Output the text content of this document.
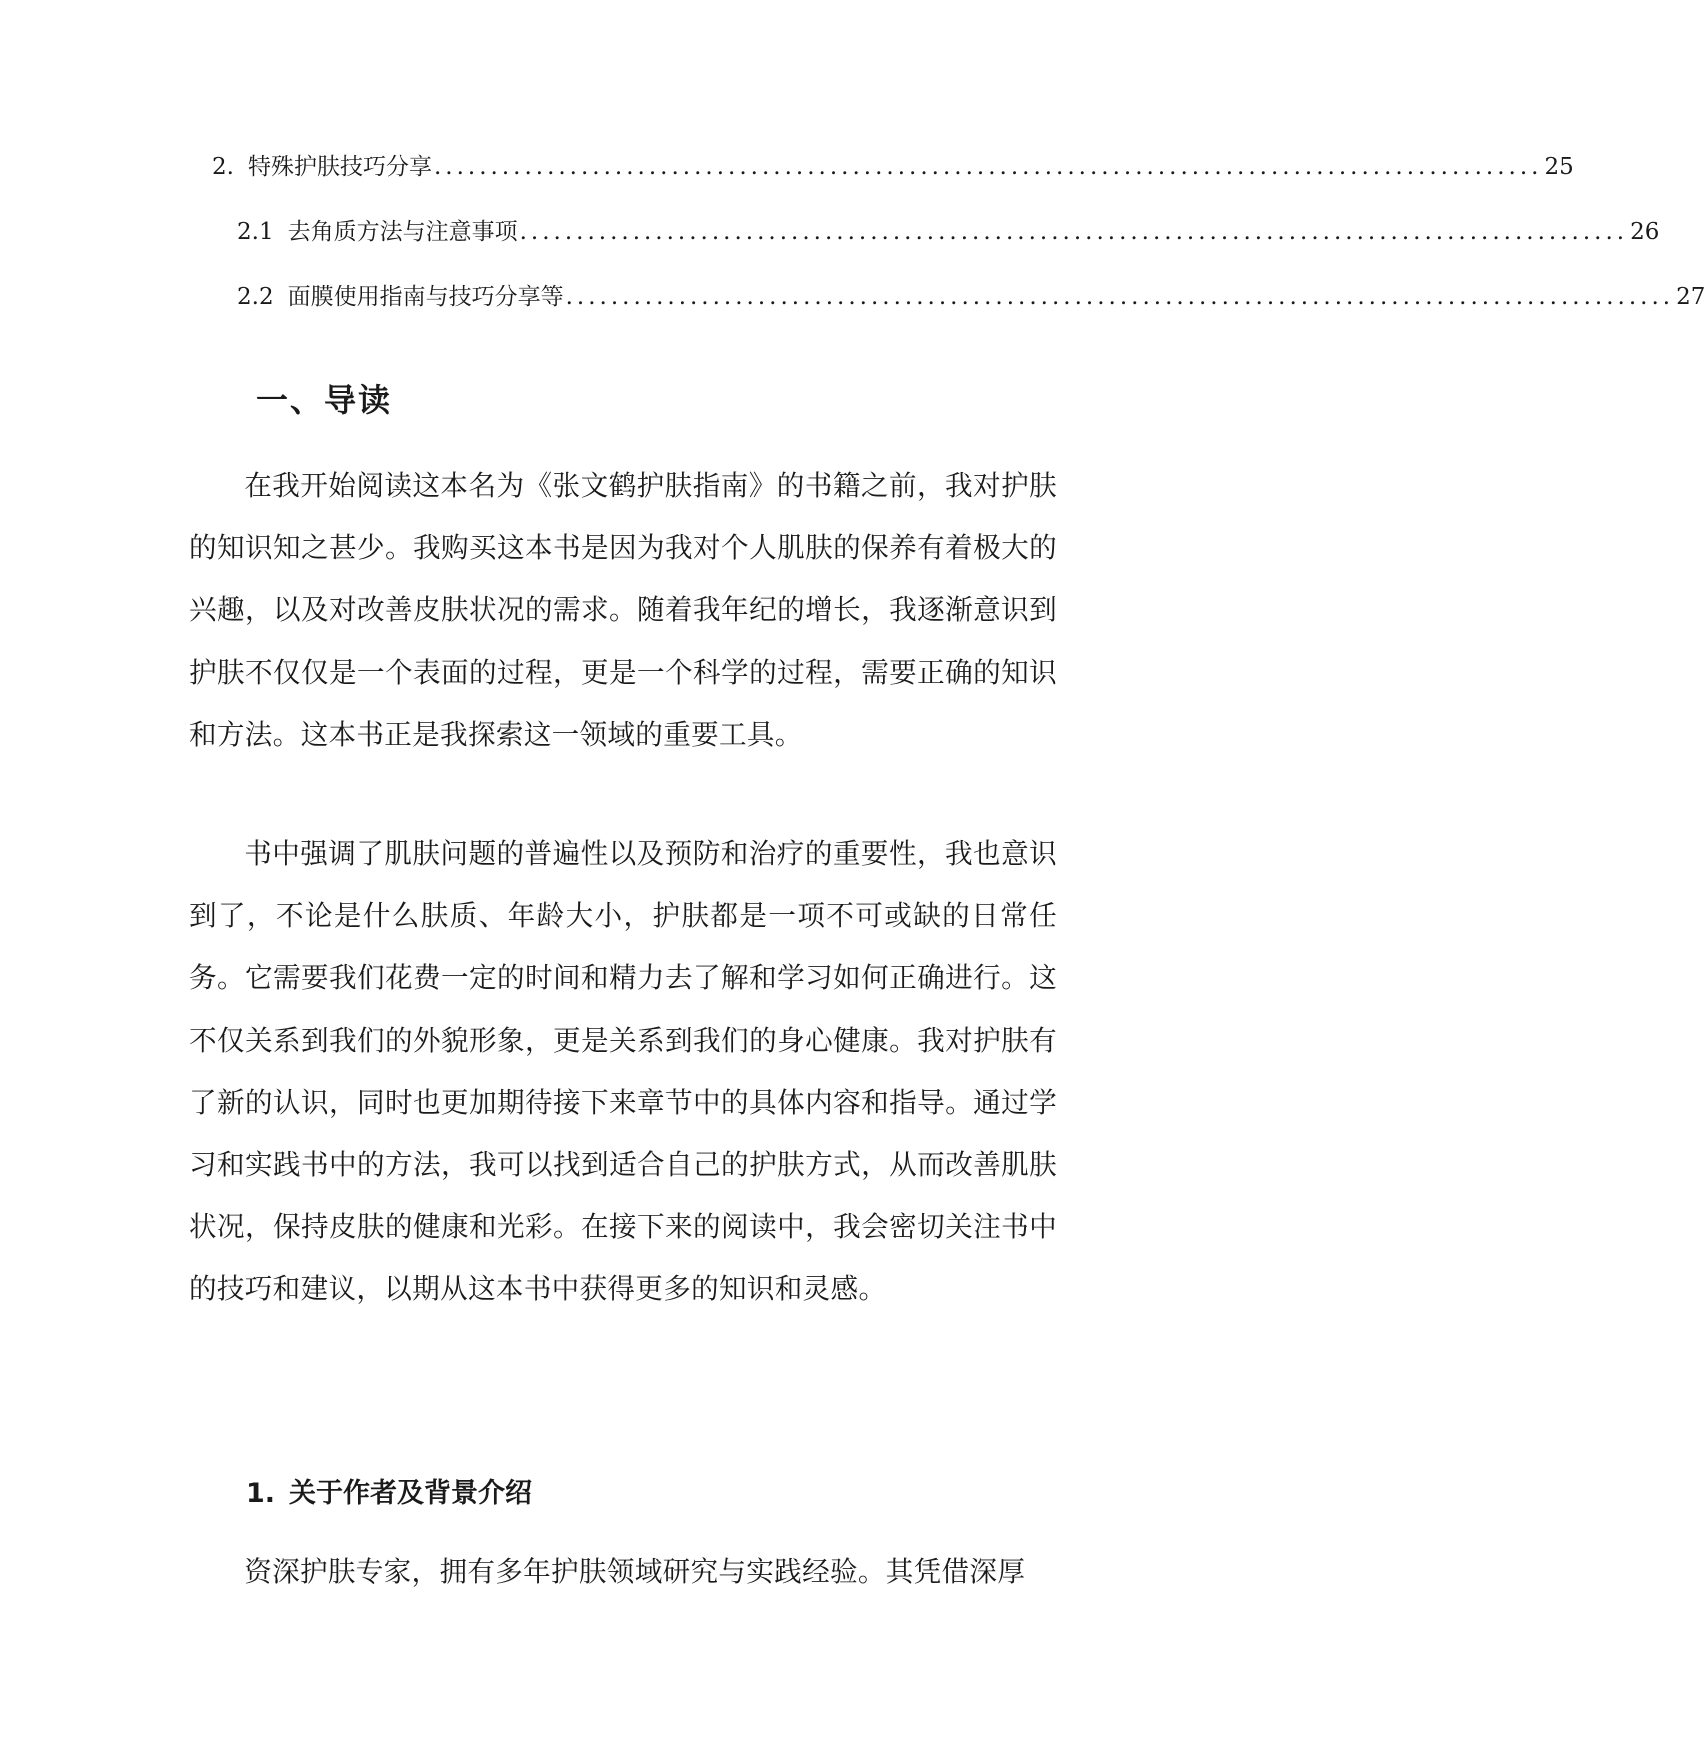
2. 特殊护肤技巧分享 .................................................................................................. 25
2.1 去角质方法与注意事项 .................................................................................................. 26
2.2 面膜使用指南与技巧分享等 .................................................................................................. 27
一、导读

在我开始阅读这本名为《张文鹤护肤指南》的书籍之前，我对护肤的知识知之甚少。我购买这本书是因为我对个人肌肤的保养有着极大的兴趣，以及对改善皮肤状况的需求。随着我年纪的增长，我逐渐意识到护肤不仅仅是一个表面的过程，更是一个科学的过程，需要正确的知识和方法。这本书正是我探索这一领域的重要工具。

书中强调了肌肤问题的普遍性以及预防和治疗的重要性，我也意识到了，不论是什么肤质、年龄大小，护肤都是一项不可或缺的日常任务。它需要我们花费一定的时间和精力去了解和学习如何正确进行。这不仅关系到我们的外貌形象，更是关系到我们的身心健康。我对护肤有了新的认识，同时也更加期待接下来章节中的具体内容和指导。通过学习和实践书中的方法，我可以找到适合自己的护肤方式，从而改善肌肤状况，保持皮肤的健康和光彩。在接下来的阅读中，我会密切关注书中的技巧和建议，以期从这本书中获得更多的知识和灵感。

1. 关于作者及背景介绍

资深护肤专家，拥有多年护肤领域研究与实践经验。其凭借深厚
